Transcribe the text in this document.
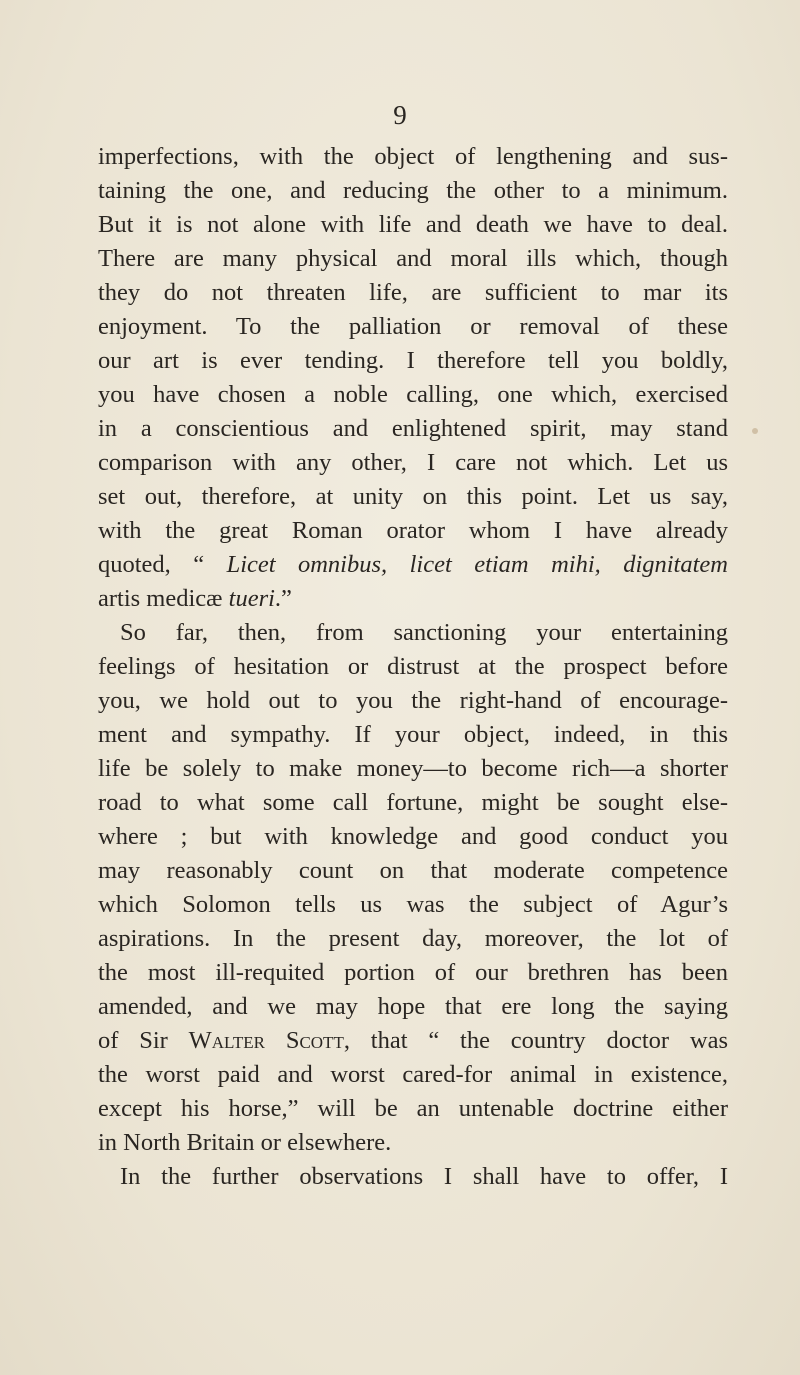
9
imperfections, with the object of lengthening and sus-
taining the one, and reducing the other to a minimum.
But it is not alone with life and death we have to deal.
There are many physical and moral ills which, though
they do not threaten life, are sufficient to mar its
enjoyment. To the palliation or removal of these
our art is ever tending. I therefore tell you boldly,
you have chosen a noble calling, one which, exercised
in a conscientious and enlightened spirit, may stand
comparison with any other, I care not which. Let us
set out, therefore, at unity on this point. Let us say,
with the great Roman orator whom I have already
quoted, “ Licet omnibus, licet etiam mihi, dignitatem
artis medicæ tueri.”
So far, then, from sanctioning your entertaining
feelings of hesitation or distrust at the prospect before
you, we hold out to you the right-hand of encourage-
ment and sympathy. If your object, indeed, in this
life be solely to make money—to become rich—a shorter
road to what some call fortune, might be sought else-
where ; but with knowledge and good conduct you
may reasonably count on that moderate competence
which Solomon tells us was the subject of Agur’s
aspirations. In the present day, moreover, the lot of
the most ill-requited portion of our brethren has been
amended, and we may hope that ere long the saying
of Sir Walter Scott, that “ the country doctor was
the worst paid and worst cared-for animal in existence,
except his horse,” will be an untenable doctrine either
in North Britain or elsewhere.
In the further observations I shall have to offer, I
